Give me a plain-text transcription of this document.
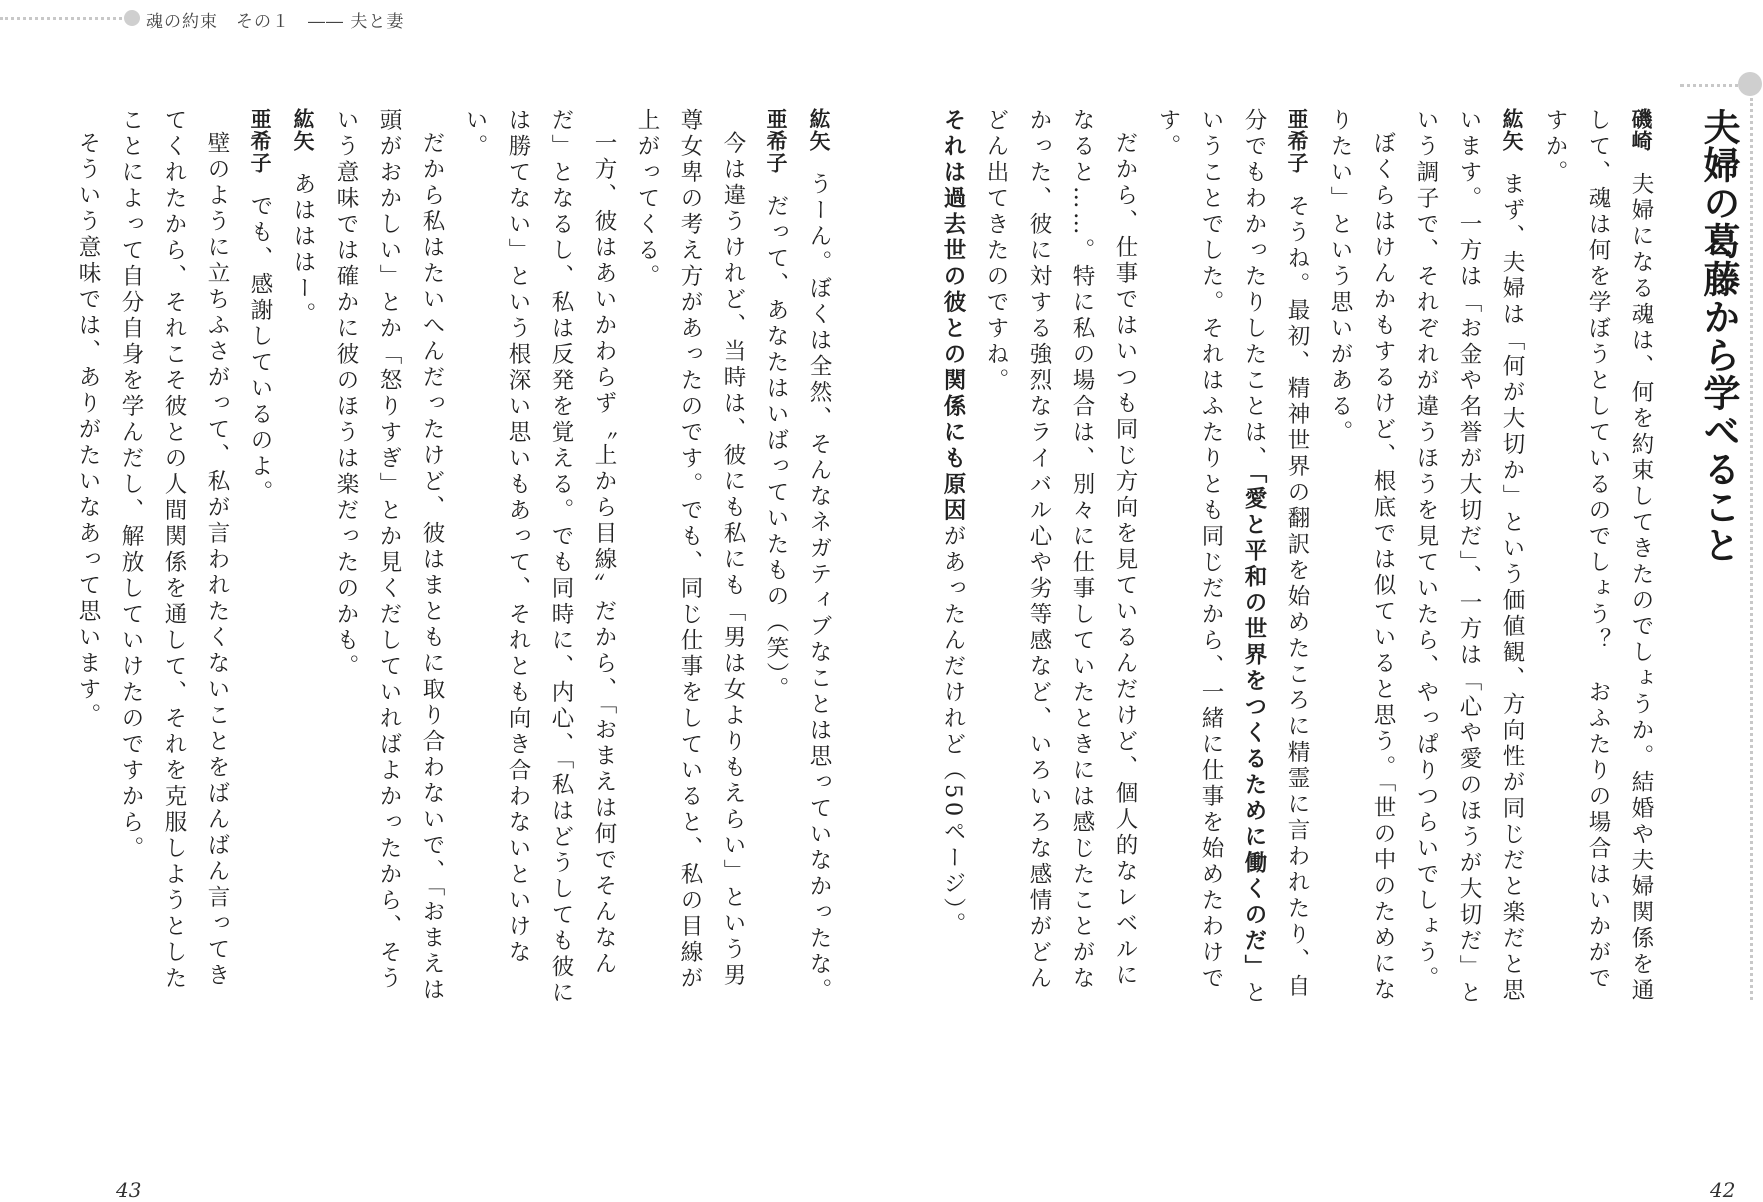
魂の約束　その１　―― 夫と妻
夫婦の葛藤から学べること

磯崎夫婦になる魂は、何を約束してきたのでしょうか。結婚や夫婦関係を通して、魂は何を学ぼうとしているのでしょう？　おふたりの場合はいかがですか。

紘矢まず、夫婦は「何が大切か」という価値観、方向性が同じだと楽だと思います。一方は「お金や名誉が大切だ」、一方は「心や愛のほうが大切だ」という調子で、それぞれが違うほうを見ていたら、やっぱりつらいでしょう。

ぼくらはけんかもするけど、根底では似ていると思う。「世の中のためになりたい」という思いがある。

亜希子そうね。最初、精神世界の翻訳を始めたころに精霊に言われたり、自分でもわかったりしたことは、「愛と平和の世界をつくるために働くのだ」ということでした。それはふたりとも同じだから、一緒に仕事を始めたわけです。

だから、仕事ではいつも同じ方向を見ているんだけど、個人的なレベルになると……。特に私の場合は、別々に仕事していたときには感じたことがなかった、彼に対する強烈なライバル心や劣等感など、いろいろな感情がどんどん出てきたのですね。

それは過去世の彼との関係にも原因があったんだけれど（50ページ）。

紘矢うーん。ぼくは全然、そんなネガティブなことは思っていなかったな。

亜希子だって、あなたはいばっていたもの（笑）。

今は違うけれど、当時は、彼にも私にも「男は女よりもえらい」という男尊女卑の考え方があったのです。でも、同じ仕事をしていると、私の目線が上がってくる。

一方、彼はあいかわらず〝上から目線〟だから、「おまえは何でそんなんだ」となるし、私は反発を覚える。でも同時に、内心、「私はどうしても彼には勝てない」という根深い思いもあって、それとも向き合わないといけない。

だから私はたいへんだったけど、彼はまともに取り合わないで、「おまえは頭がおかしい」とか「怒りすぎ」とか見くだしていればよかったから、そういう意味では確かに彼のほうは楽だったのかも。

紘矢あはははー。

亜希子でも、感謝しているのよ。

壁のように立ちふさがって、私が言われたくないことをばんばん言ってきてくれたから、それこそ彼との人間関係を通して、それを克服しようとしたことによって自分自身を学んだし、解放していけたのですから。

そういう意味では、ありがたいなあって思います。

43	42
